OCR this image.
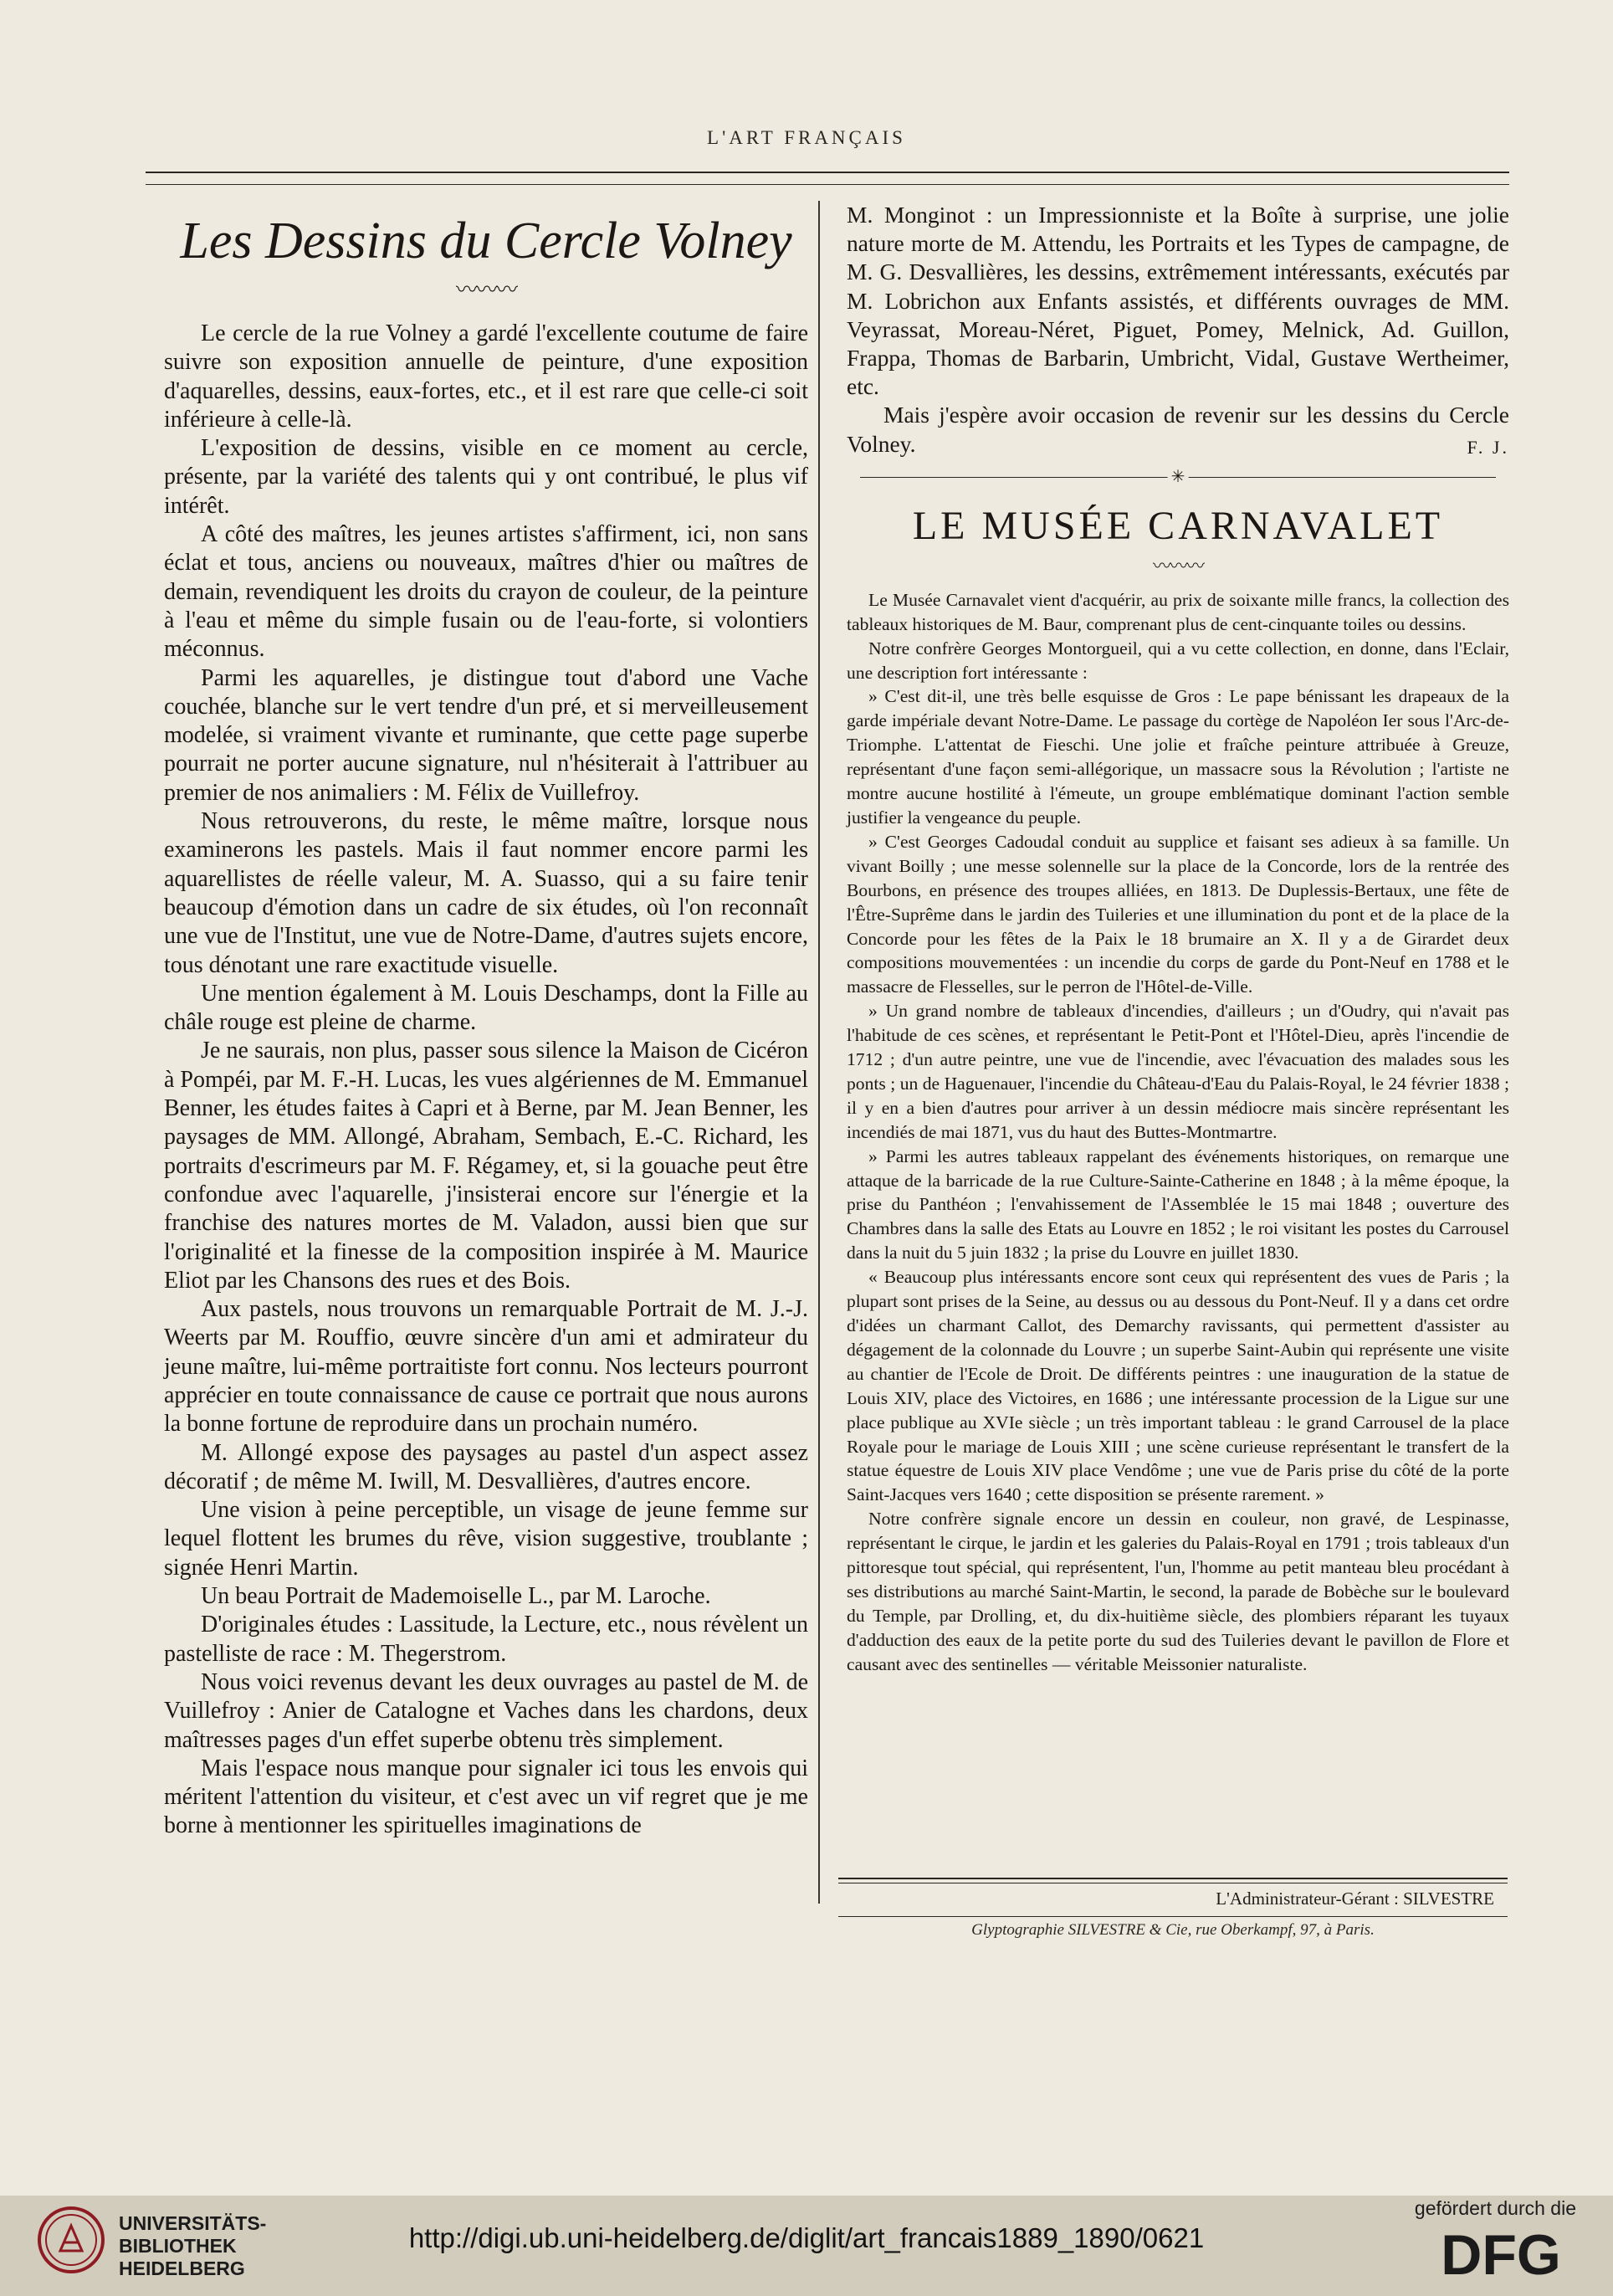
L'ART FRANÇAIS
Les Dessins du Cercle Volney
〰〰〰

Le cercle de la rue Volney a gardé l'excellente coutume de faire suivre son exposition annuelle de peinture, d'une exposition d'aquarelles, dessins, eaux-fortes, etc., et il est rare que celle-ci soit inférieure à celle-là.

L'exposition de dessins, visible en ce moment au cercle, présente, par la variété des talents qui y ont contribué, le plus vif intérêt.

A côté des maîtres, les jeunes artistes s'affirment, ici, non sans éclat et tous, anciens ou nouveaux, maîtres d'hier ou maîtres de demain, revendiquent les droits du crayon de couleur, de la peinture à l'eau et même du simple fusain ou de l'eau-forte, si volontiers méconnus.

Parmi les aquarelles, je distingue tout d'abord une Vache couchée, blanche sur le vert tendre d'un pré, et si merveilleusement modelée, si vraiment vivante et ruminante, que cette page superbe pourrait ne porter aucune signature, nul n'hésiterait à l'attribuer au premier de nos animaliers : M. Félix de Vuillefroy.

Nous retrouverons, du reste, le même maître, lorsque nous examinerons les pastels. Mais il faut nommer encore parmi les aquarellistes de réelle valeur, M. A. Suasso, qui a su faire tenir beaucoup d'émotion dans un cadre de six études, où l'on reconnaît une vue de l'Institut, une vue de Notre-Dame, d'autres sujets encore, tous dénotant une rare exactitude visuelle.

Une mention également à M. Louis Deschamps, dont la Fille au châle rouge est pleine de charme.

Je ne saurais, non plus, passer sous silence la Maison de Cicéron à Pompéi, par M. F.-H. Lucas, les vues algériennes de M. Emmanuel Benner, les études faites à Capri et à Berne, par M. Jean Benner, les paysages de MM. Allongé, Abraham, Sembach, E.-C. Richard, les portraits d'escrimeurs par M. F. Régamey, et, si la gouache peut être confondue avec l'aquarelle, j'insisterai encore sur l'énergie et la franchise des natures mortes de M. Valadon, aussi bien que sur l'originalité et la finesse de la composition inspirée à M. Maurice Eliot par les Chansons des rues et des Bois.

Aux pastels, nous trouvons un remarquable Portrait de M. J.-J. Weerts par M. Rouffio, œuvre sincère d'un ami et admirateur du jeune maître, lui-même portraitiste fort connu. Nos lecteurs pourront apprécier en toute connaissance de cause ce portrait que nous aurons la bonne fortune de reproduire dans un prochain numéro.

M. Allongé expose des paysages au pastel d'un aspect assez décoratif ; de même M. Iwill, M. Desvallières, d'autres encore.

Une vision à peine perceptible, un visage de jeune femme sur lequel flottent les brumes du rêve, vision suggestive, troublante ; signée Henri Martin.

Un beau Portrait de Mademoiselle L., par M. Laroche.

D'originales études : Lassitude, la Lecture, etc., nous révèlent un pastelliste de race : M. Thegerstrom.

Nous voici revenus devant les deux ouvrages au pastel de M. de Vuillefroy : Anier de Catalogne et Vaches dans les chardons, deux maîtresses pages d'un effet superbe obtenu très simplement.

Mais l'espace nous manque pour signaler ici tous les envois qui méritent l'attention du visiteur, et c'est avec un vif regret que je me borne à mentionner les spirituelles imaginations de

M. Monginot : un Impressionniste et la Boîte à surprise, une jolie nature morte de M. Attendu, les Portraits et les Types de campagne, de M. G. Desvallières, les dessins, extrêmement intéressants, exécutés par M. Lobrichon aux Enfants assistés, et différents ouvrages de MM. Veyrassat, Moreau-Néret, Piguet, Pomey, Melnick, Ad. Guillon, Frappa, Thomas de Barbarin, Umbricht, Vidal, Gustave Wertheimer, etc.

Mais j'espère avoir occasion de revenir sur les dessins du Cercle Volney.	F. J.

✳
LE MUSÉE CARNAVALET
〰〰〰

Le Musée Carnavalet vient d'acquérir, au prix de soixante mille francs, la collection des tableaux historiques de M. Baur, comprenant plus de cent-cinquante toiles ou dessins.

Notre confrère Georges Montorgueil, qui a vu cette collection, en donne, dans l'Eclair, une description fort intéressante :

» C'est dit-il, une très belle esquisse de Gros : Le pape bénissant les drapeaux de la garde impériale devant Notre-Dame. Le passage du cortège de Napoléon Ier sous l'Arc-de-Triomphe. L'attentat de Fieschi. Une jolie et fraîche peinture attribuée à Greuze, représentant d'une façon semi-allégorique, un massacre sous la Révolution ; l'artiste ne montre aucune hostilité à l'émeute, un groupe emblématique dominant l'action semble justifier la vengeance du peuple.

» C'est Georges Cadoudal conduit au supplice et faisant ses adieux à sa famille. Un vivant Boilly ; une messe solennelle sur la place de la Concorde, lors de la rentrée des Bourbons, en présence des troupes alliées, en 1813. De Duplessis-Bertaux, une fête de l'Être-Suprême dans le jardin des Tuileries et une illumination du pont et de la place de la Concorde pour les fêtes de la Paix le 18 brumaire an X. Il y a de Girardet deux compositions mouvementées : un incendie du corps de garde du Pont-Neuf en 1788 et le massacre de Flesselles, sur le perron de l'Hôtel-de-Ville.

» Un grand nombre de tableaux d'incendies, d'ailleurs ; un d'Oudry, qui n'avait pas l'habitude de ces scènes, et représentant le Petit-Pont et l'Hôtel-Dieu, après l'incendie de 1712 ; d'un autre peintre, une vue de l'incendie, avec l'évacuation des malades sous les ponts ; un de Haguenauer, l'incendie du Château-d'Eau du Palais-Royal, le 24 février 1838 ; il y en a bien d'autres pour arriver à un dessin médiocre mais sincère représentant les incendiés de mai 1871, vus du haut des Buttes-Montmartre.

» Parmi les autres tableaux rappelant des événements historiques, on remarque une attaque de la barricade de la rue Culture-Sainte-Catherine en 1848 ; à la même époque, la prise du Panthéon ; l'envahissement de l'Assemblée le 15 mai 1848 ; ouverture des Chambres dans la salle des Etats au Louvre en 1852 ; le roi visitant les postes du Carrousel dans la nuit du 5 juin 1832 ; la prise du Louvre en juillet 1830.

« Beaucoup plus intéressants encore sont ceux qui représentent des vues de Paris ; la plupart sont prises de la Seine, au dessus ou au dessous du Pont-Neuf. Il y a dans cet ordre d'idées un charmant Callot, des Demarchy ravissants, qui permettent d'assister au dégagement de la colonnade du Louvre ; un superbe Saint-Aubin qui représente une visite au chantier de l'Ecole de Droit. De différents peintres : une inauguration de la statue de Louis XIV, place des Victoires, en 1686 ; une intéressante procession de la Ligue sur une place publique au XVIe siècle ; un très important tableau : le grand Carrousel de la place Royale pour le mariage de Louis XIII ; une scène curieuse représentant le transfert de la statue équestre de Louis XIV place Vendôme ; une vue de Paris prise du côté de la porte Saint-Jacques vers 1640 ; cette disposition se présente rarement. »

Notre confrère signale encore un dessin en couleur, non gravé, de Lespinasse, représentant le cirque, le jardin et les galeries du Palais-Royal en 1791 ; trois tableaux d'un pittoresque tout spécial, qui représentent, l'un, l'homme au petit manteau bleu procédant à ses distributions au marché Saint-Martin, le second, la parade de Bobèche sur le boulevard du Temple, par Drolling, et, du dix-huitième siècle, des plombiers réparant les tuyaux d'adduction des eaux de la petite porte du sud des Tuileries devant le pavillon de Flore et causant avec des sentinelles — véritable Meissonier naturaliste.

L'Administrateur-Gérant : SILVESTRE
Glyptographie SILVESTRE & Cie, rue Oberkampf, 97, à Paris.
UNIVERSITÄTS-
BIBLIOTHEK
HEIDELBERG
http://digi.ub.uni-heidelberg.de/diglit/art_francais1889_1890/0621
gefördert durch die
DFG
